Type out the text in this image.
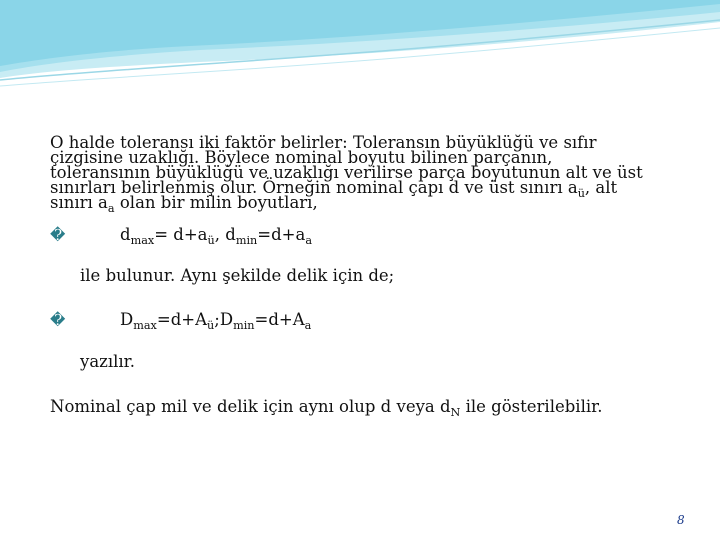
O halde toleransı iki faktör belirler: Toleransın büyüklüğü ve sıfır
çizgisine uzaklığı. Böylece nominal boyutu bilinen parçanın,
toleransının büyüklüğü ve uzaklığı verilirse parça boyutunun alt ve üst
sınırları belirlenmiş olur. Örneğin nominal çapı d ve üst sınırı $a_ü$, alt
sınırı $a_a$ olan bir milin boyutları,
�	$d_{max}= d+a_ü$, $d_{min}=d+a_a$
ile bulunur. Aynı şekilde delik için de;
�	$D_{max}=d+A_ü;D_{min}=d+A_a$
yazılır.
Nominal çap mil ve delik için aynı olup d veya $d_N$ ile gösterilebilir.
8
